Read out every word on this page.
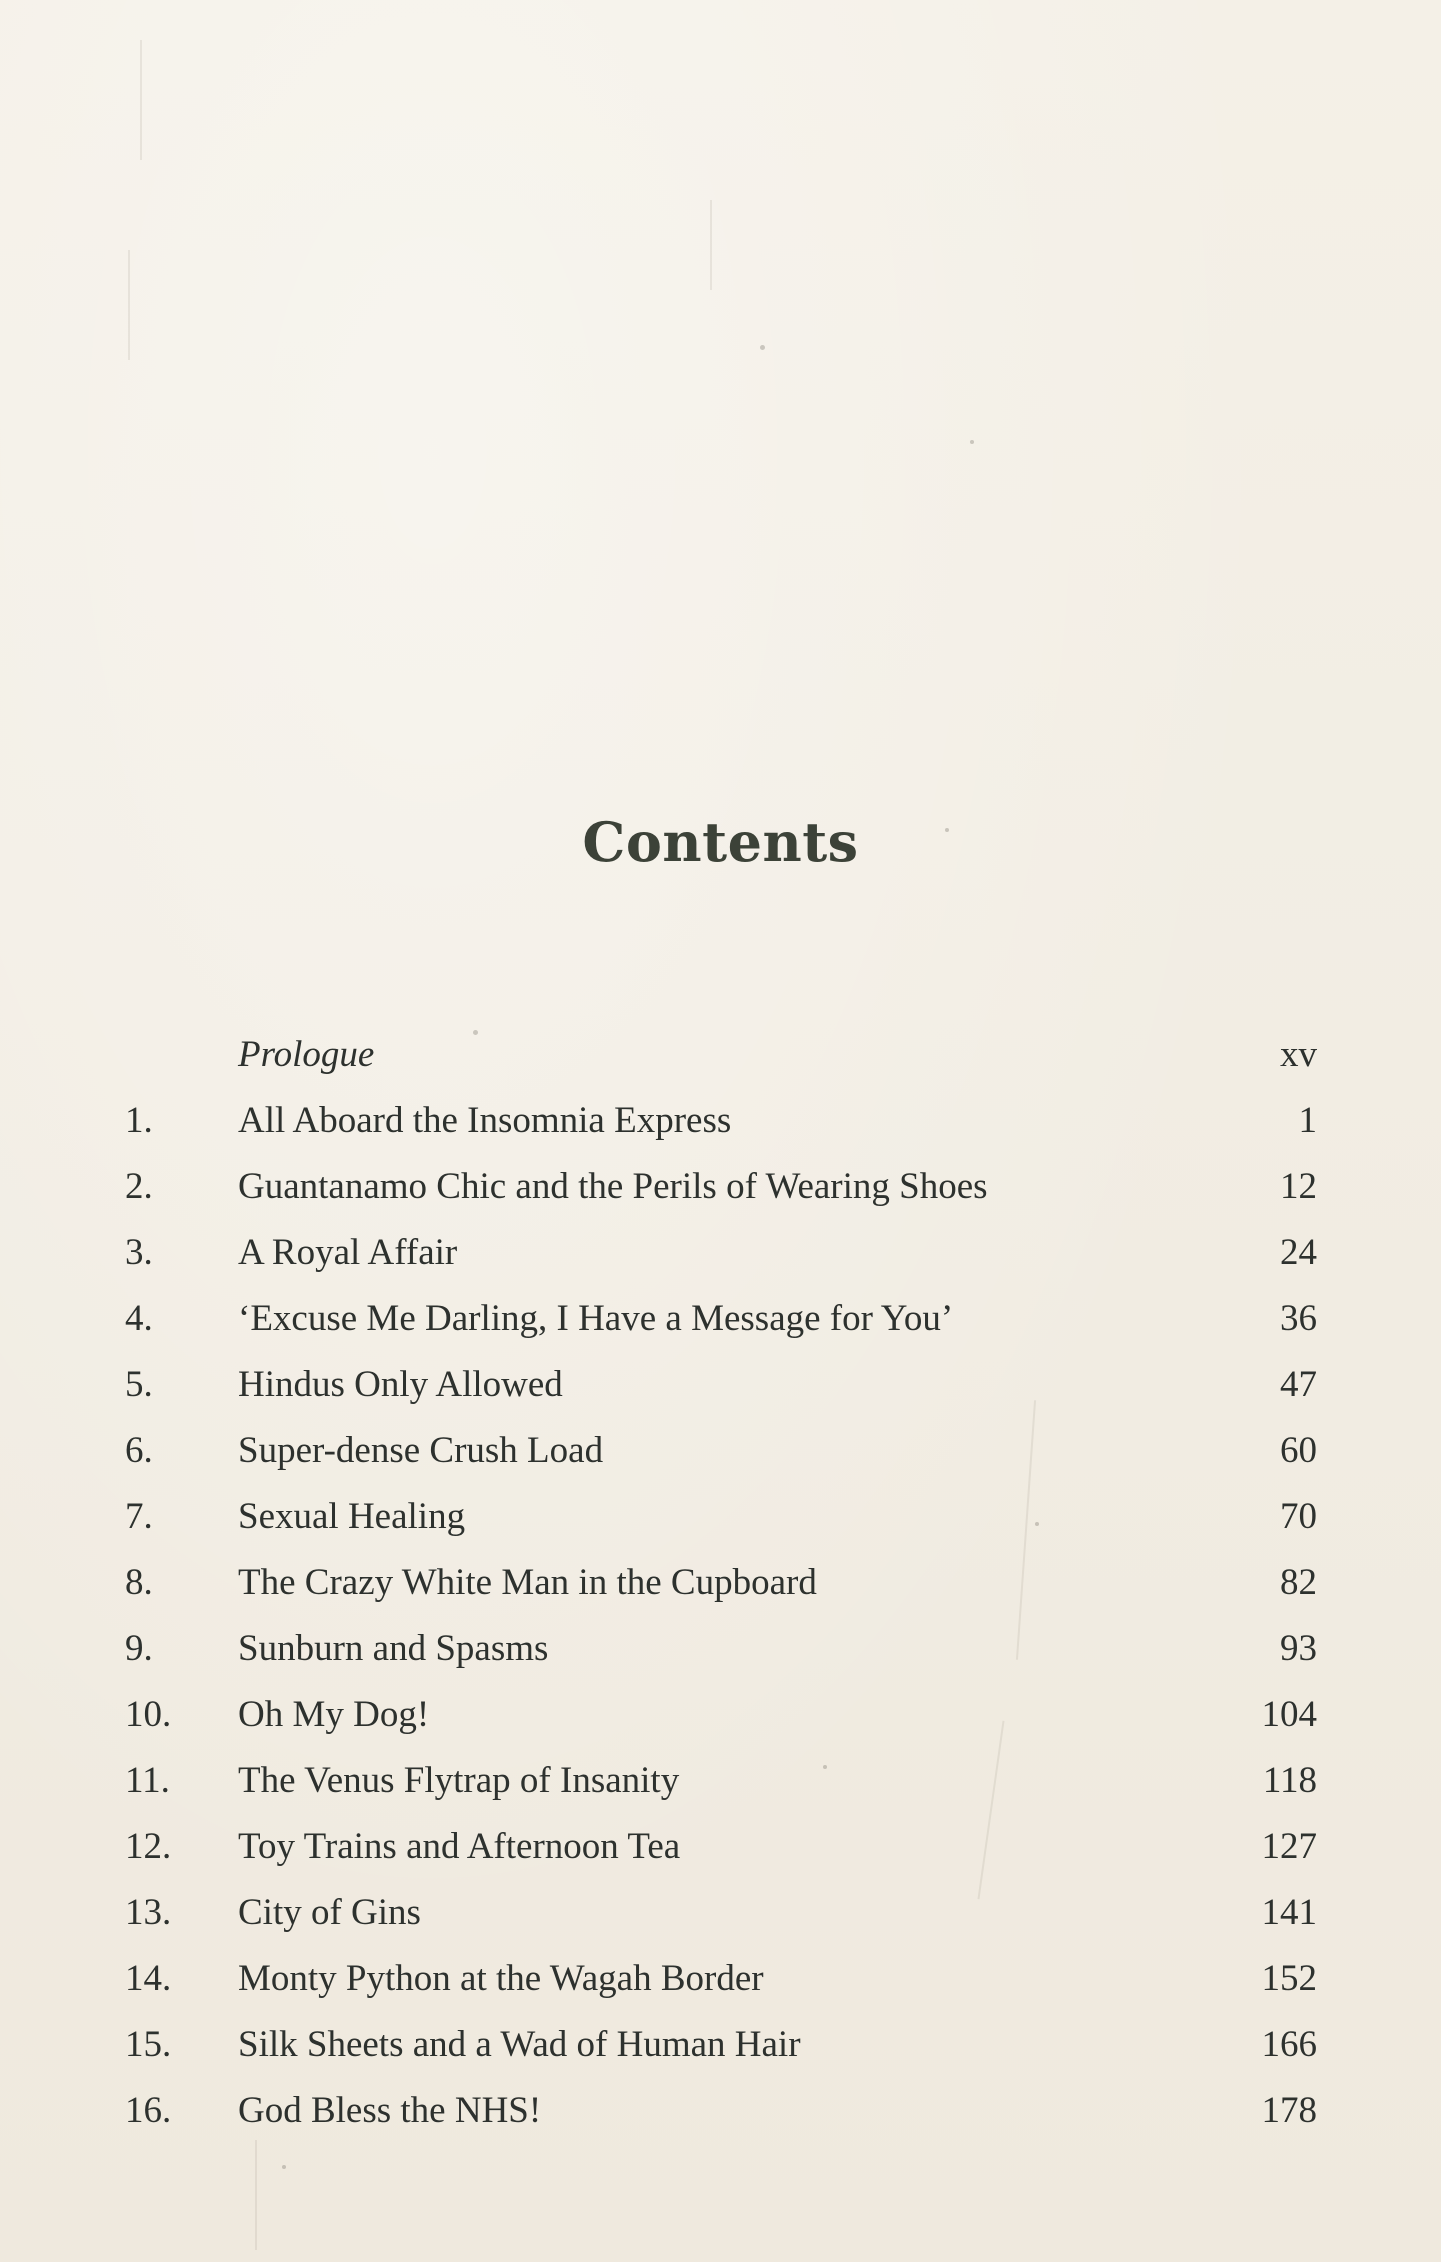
Contents
Prologue	xv
1.	All Aboard the Insomnia Express	1
2.	Guantanamo Chic and the Perils of Wearing Shoes	12
3.	A Royal Affair	24
4.	‘Excuse Me Darling, I Have a Message for You’	36
5.	Hindus Only Allowed	47
6.	Super-dense Crush Load	60
7.	Sexual Healing	70
8.	The Crazy White Man in the Cupboard	82
9.	Sunburn and Spasms	93
10.	Oh My Dog!	104
11.	The Venus Flytrap of Insanity	118
12.	Toy Trains and Afternoon Tea	127
13.	City of Gins	141
14.	Monty Python at the Wagah Border	152
15.	Silk Sheets and a Wad of Human Hair	166
16.	God Bless the NHS!	178
